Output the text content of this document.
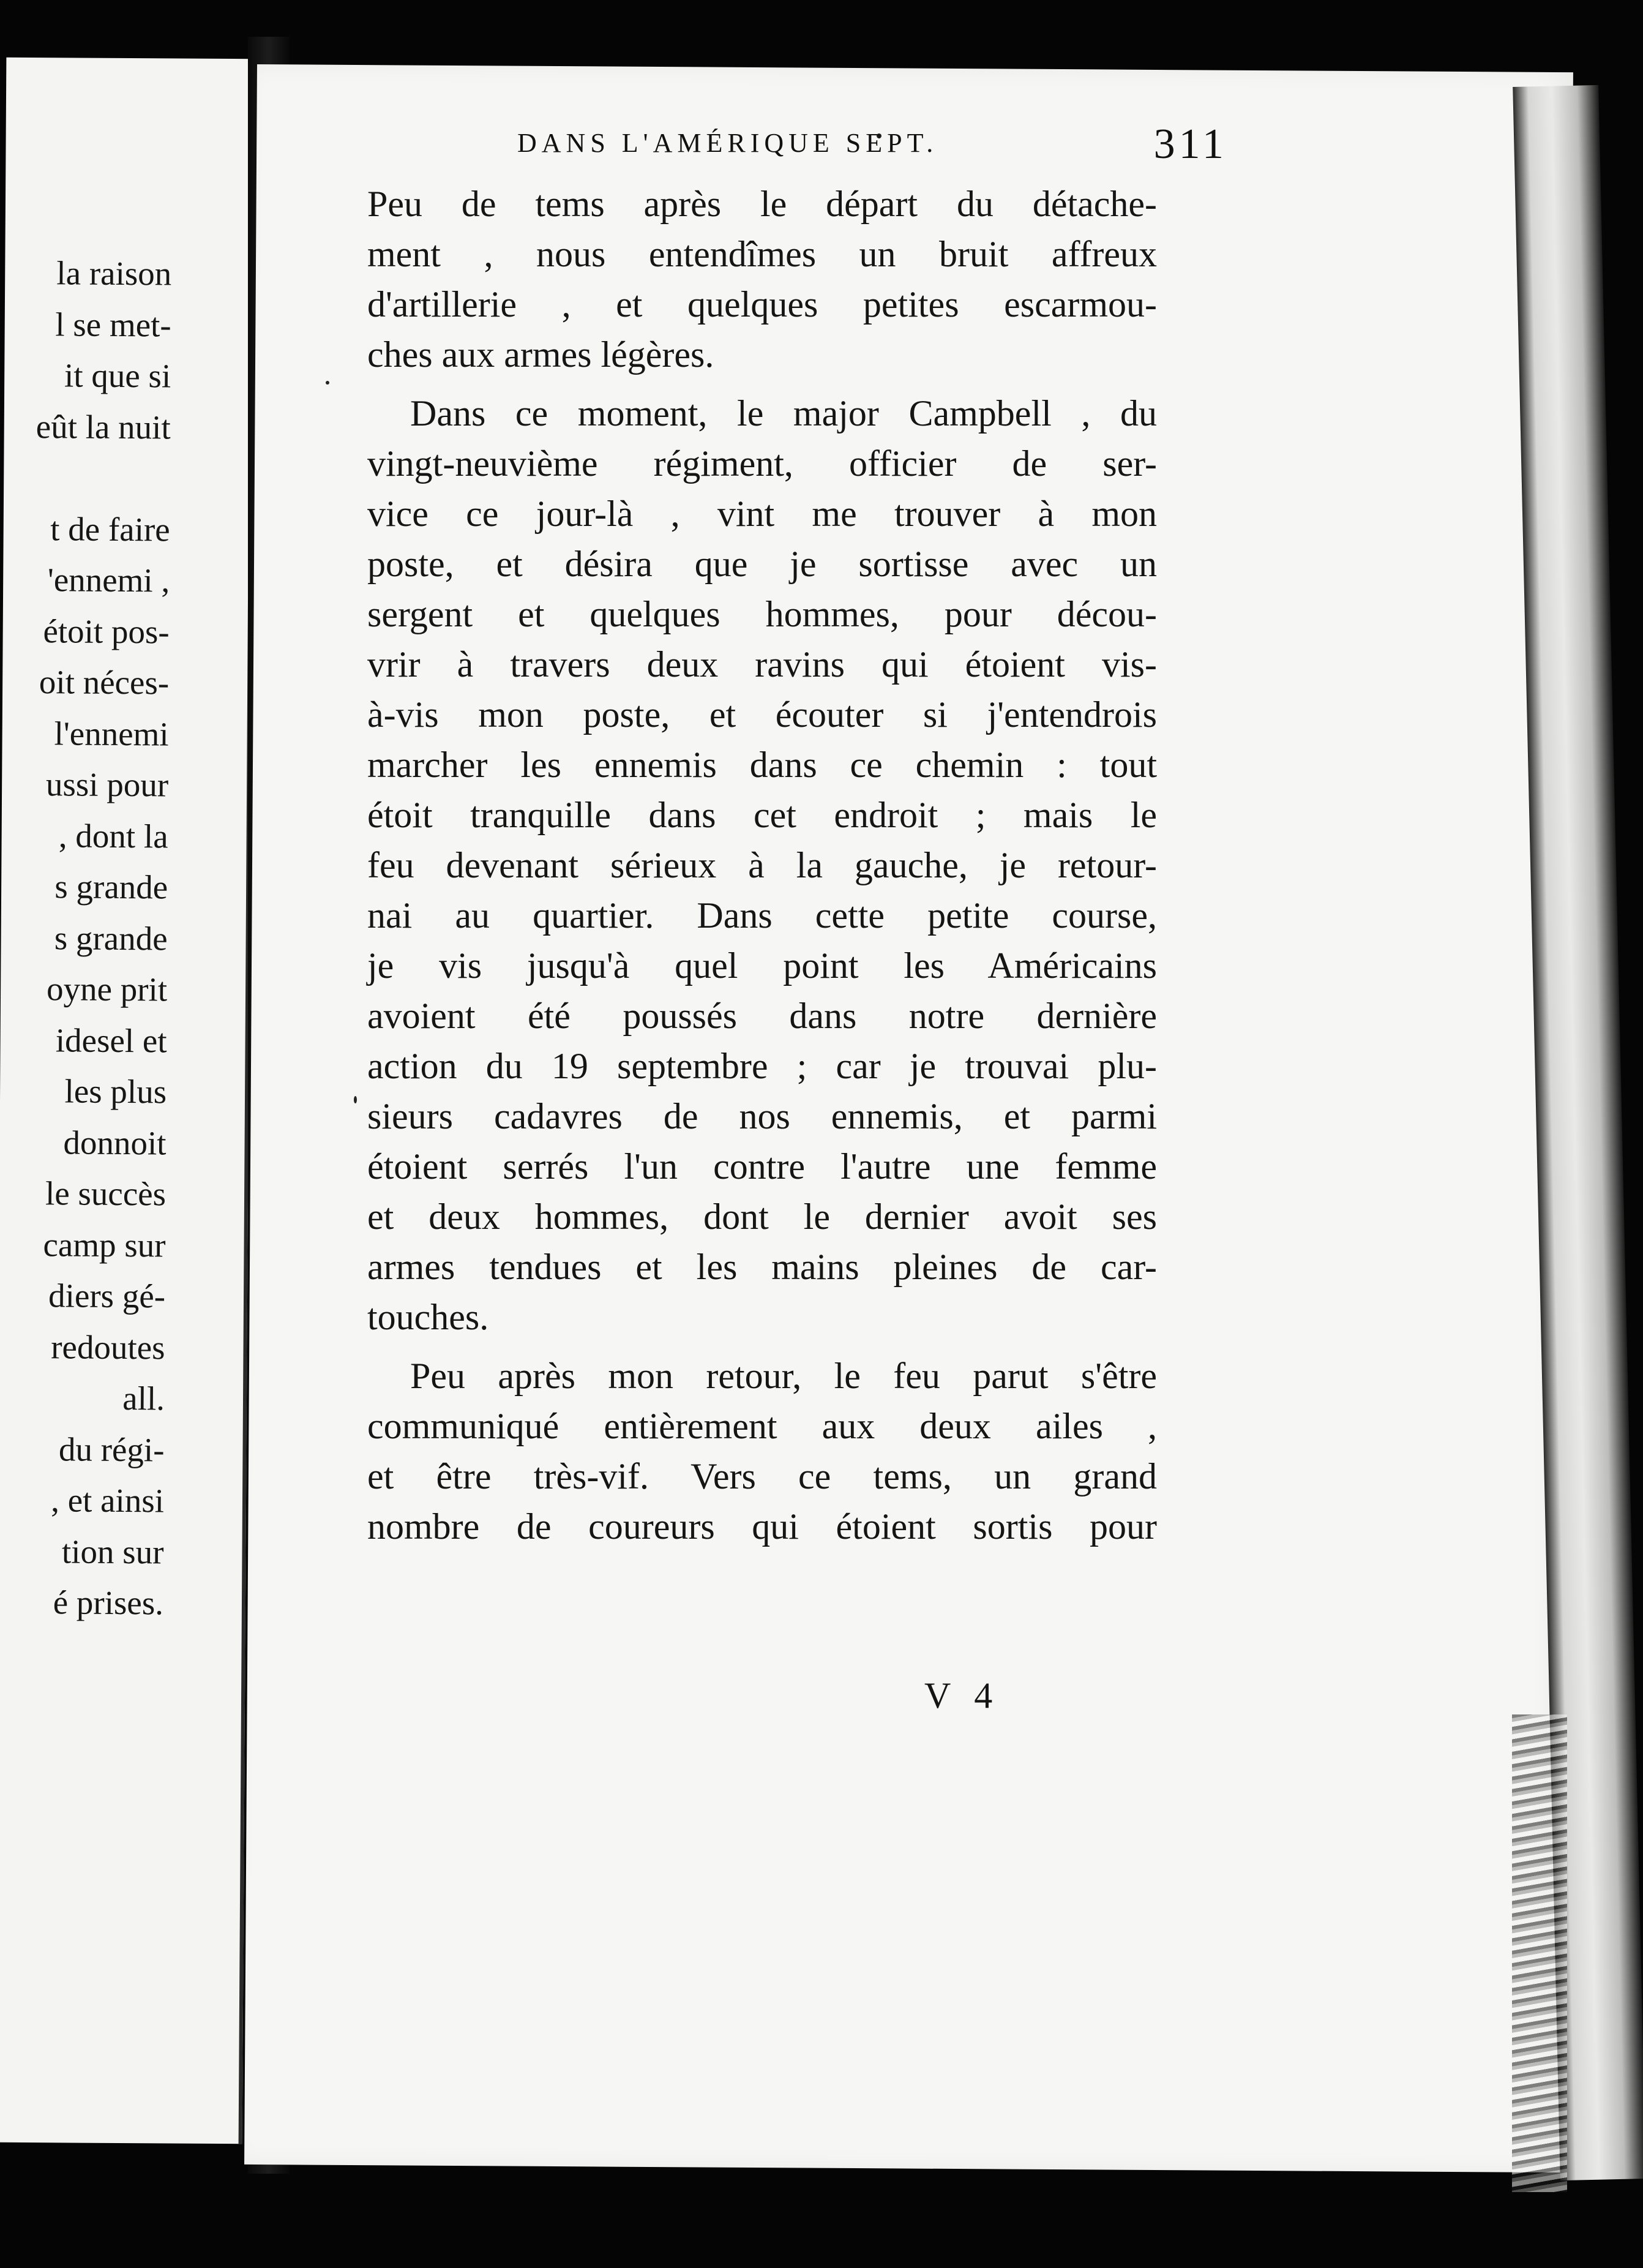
la raison
l se met-
it que si
eût la nuit
t de faire
'ennemi ,
étoit pos-
oit néces-
l'ennemi
ussi pour
, dont la
s grande
s grande
oyne prit
idesel et
les plus
donnoit
le succès
camp sur
diers gé-
redoutes
all.
du régi-
, et ainsi
tion sur
é prises.
DANS L'AMÉRIQUE SEPT.	311

Peu de tems après le départ du détache-
ment , nous entendîmes un bruit affreux
d'artillerie , et quelques petites escarmou-
ches aux armes légères.

Dans ce moment, le major Campbell , du
vingt-neuvième régiment, officier de ser-
vice ce jour-là , vint me trouver à mon
poste, et désira que je sortisse avec un
sergent et quelques hommes, pour décou-
vrir à travers deux ravins qui étoient vis-
à-vis mon poste, et écouter si j'entendrois
marcher les ennemis dans ce chemin : tout
étoit tranquille dans cet endroit ; mais le
feu devenant sérieux à la gauche, je retour-
nai au quartier. Dans cette petite course,
je vis jusqu'à quel point les Américains
avoient été poussés dans notre dernière
action du 19 septembre ; car je trouvai plu-
sieurs cadavres de nos ennemis, et parmi
étoient serrés l'un contre l'autre une femme
et deux hommes, dont le dernier avoit ses
armes tendues et les mains pleines de car-
touches.

Peu après mon retour, le feu parut s'être
communiqué entièrement aux deux ailes ,
et être très-vif. Vers ce tems, un grand
nombre de coureurs qui étoient sortis pour

V 4
